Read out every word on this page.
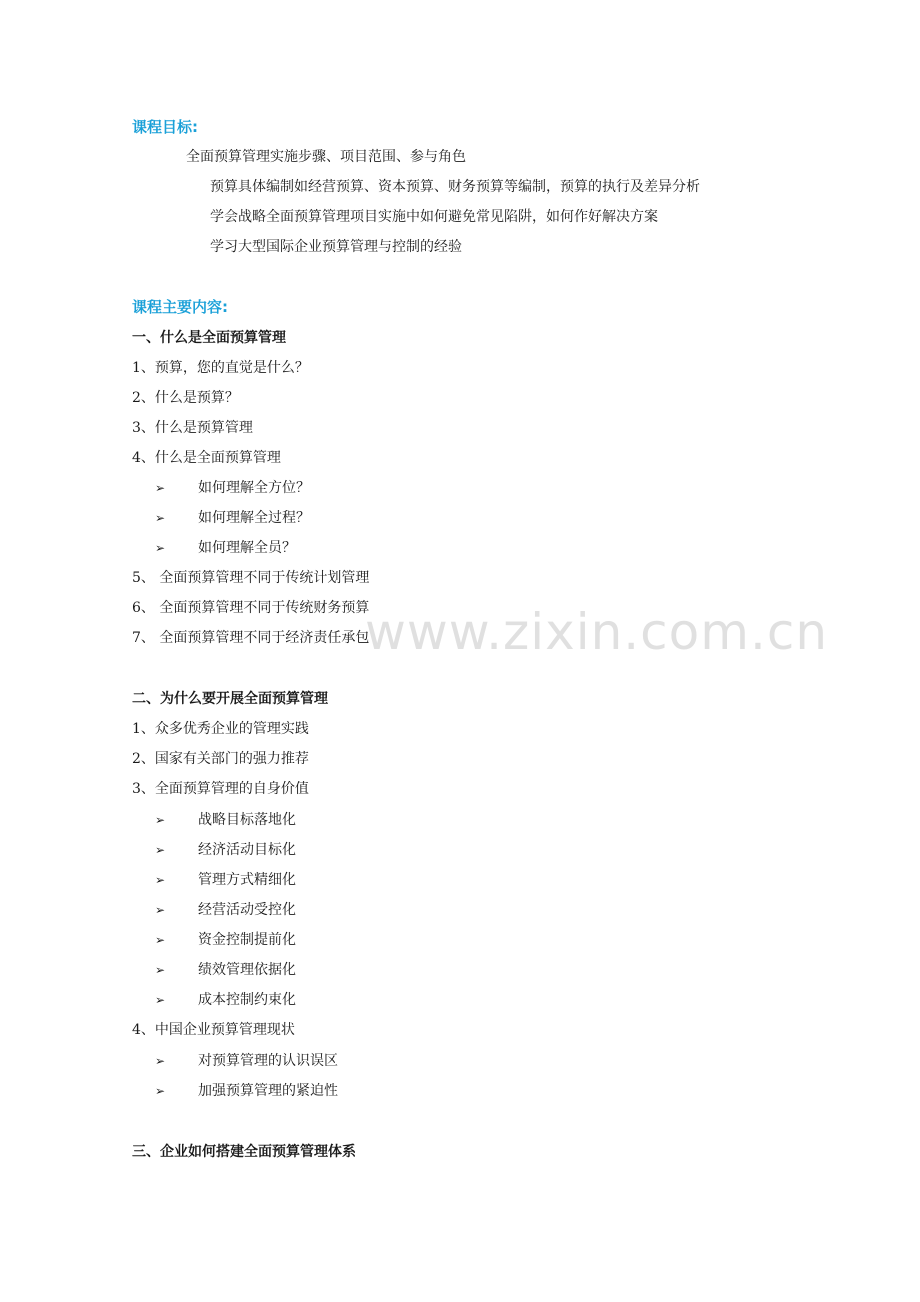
课程目标:
全面预算管理实施步骤、项目范围、参与角色
预算具体编制如经营预算、资本预算、财务预算等编制，预算的执行及差异分析
学会战略全面预算管理项目实施中如何避免常见陷阱，如何作好解决方案
学习大型国际企业预算管理与控制的经验
课程主要内容:
一、什么是全面预算管理
1、预算，您的直觉是什么？
2、什么是预算？
3、什么是预算管理
4、什么是全面预算管理
➢ 如何理解全方位？
➢ 如何理解全过程？
➢ 如何理解全员？
5、 全面预算管理不同于传统计划管理
6、 全面预算管理不同于传统财务预算
7、 全面预算管理不同于经济责任承包
www.zixin.com.cn
二、为什么要开展全面预算管理
1、众多优秀企业的管理实践
2、国家有关部门的强力推荐
3、全面预算管理的自身价值
➢ 战略目标落地化
➢ 经济活动目标化
➢ 管理方式精细化
➢ 经营活动受控化
➢ 资金控制提前化
➢ 绩效管理依据化
➢ 成本控制约束化
4、中国企业预算管理现状
➢ 对预算管理的认识误区
➢ 加强预算管理的紧迫性
三、企业如何搭建全面预算管理体系
